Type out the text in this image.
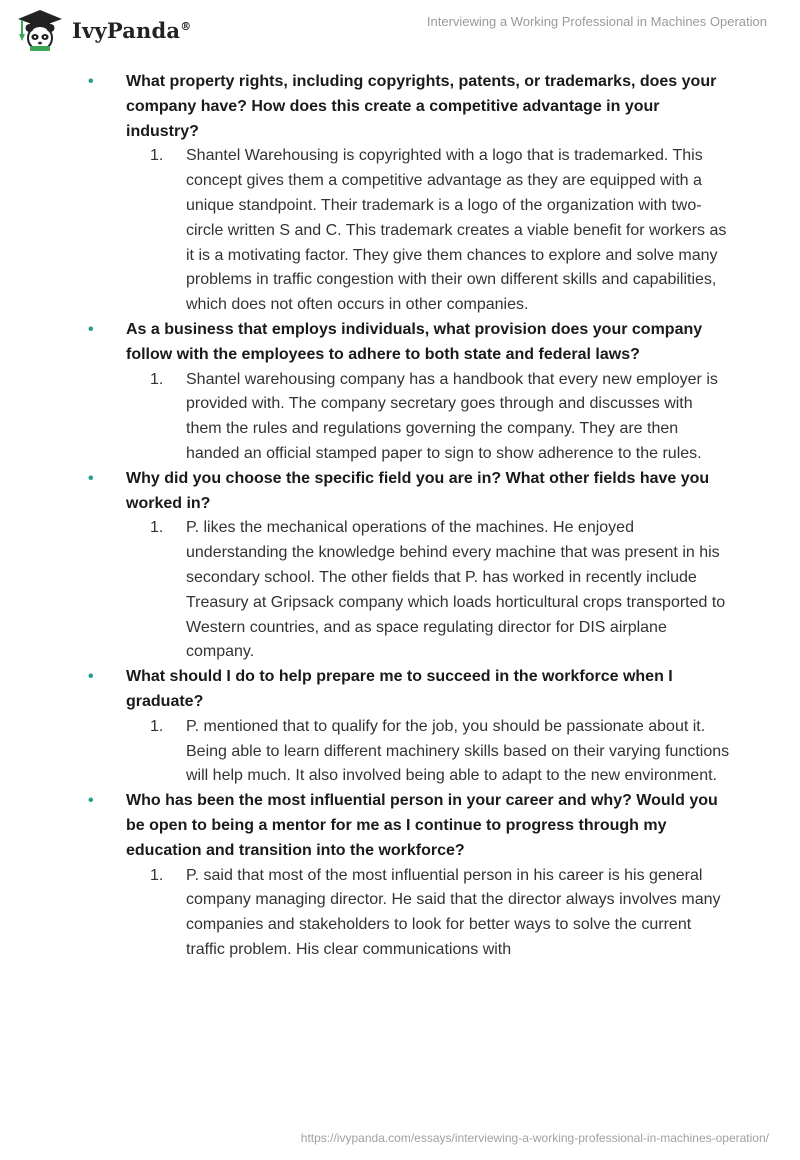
IvyPanda®	Interviewing a Working Professional in Machines Operation
•	What property rights, including copyrights, patents, or trademarks, does your company have? How does this create a competitive advantage in your industry?
1. Shantel Warehousing is copyrighted with a logo that is trademarked. This concept gives them a competitive advantage as they are equipped with a unique standpoint. Their trademark is a logo of the organization with two-circle written S and C. This trademark creates a viable benefit for workers as it is a motivating factor. They give them chances to explore and solve many problems in traffic congestion with their own different skills and capabilities, which does not often occurs in other companies.
•	As a business that employs individuals, what provision does your company follow with the employees to adhere to both state and federal laws?
1. Shantel warehousing company has a handbook that every new employer is provided with. The company secretary goes through and discusses with them the rules and regulations governing the company. They are then handed an official stamped paper to sign to show adherence to the rules.
•	Why did you choose the specific field you are in? What other fields have you worked in?
1. P. likes the mechanical operations of the machines. He enjoyed understanding the knowledge behind every machine that was present in his secondary school. The other fields that P. has worked in recently include Treasury at Gripsack company which loads horticultural crops transported to Western countries, and as space regulating director for DIS airplane company.
•	What should I do to help prepare me to succeed in the workforce when I graduate?
1. P. mentioned that to qualify for the job, you should be passionate about it. Being able to learn different machinery skills based on their varying functions will help much. It also involved being able to adapt to the new environment.
•	Who has been the most influential person in your career and why? Would you be open to being a mentor for me as I continue to progress through my education and transition into the workforce?
1. P. said that most of the most influential person in his career is his general company managing director. He said that the director always involves many companies and stakeholders to look for better ways to solve the current traffic problem. His clear communications with
https://ivypanda.com/essays/interviewing-a-working-professional-in-machines-operation/
